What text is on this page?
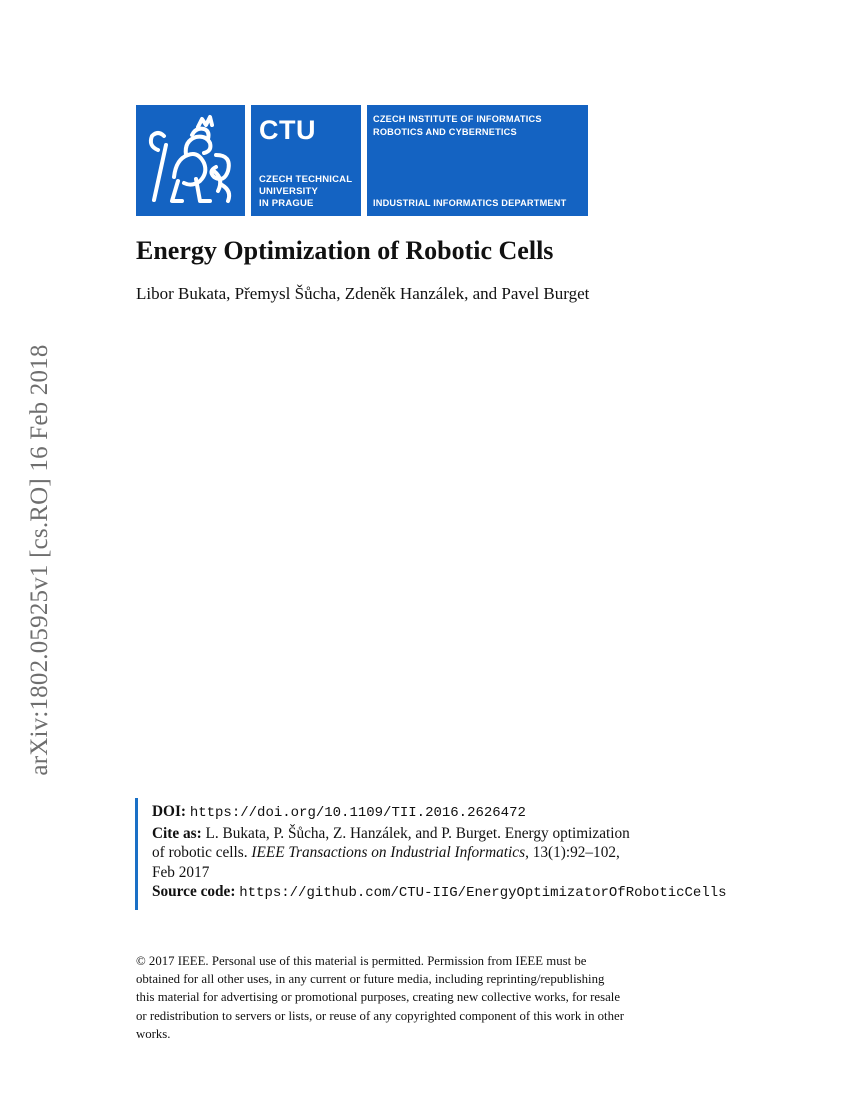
arXiv:1802.05925v1 [cs.RO] 16 Feb 2018
CTU
CZECH TECHNICAL
UNIVERSITY
IN PRAGUE
CZECH INSTITUTE OF INFORMATICS
ROBOTICS AND CYBERNETICS
INDUSTRIAL INFORMATICS DEPARTMENT
Energy Optimization of Robotic Cells
Libor Bukata, Přemysl Šůcha, Zdeněk Hanzálek, and Pavel Burget
DOI: https://doi.org/10.1109/TII.2016.2626472
Cite as: L. Bukata, P. Šůcha, Z. Hanzálek, and P. Burget. Energy optimization
of robotic cells. IEEE Transactions on Industrial Informatics, 13(1):92–102,
Feb 2017
Source code: https://github.com/CTU-IIG/EnergyOptimizatorOfRoboticCells
© 2017 IEEE. Personal use of this material is permitted. Permission from IEEE must be
obtained for all other uses, in any current or future media, including reprinting/republishing
this material for advertising or promotional purposes, creating new collective works, for resale
or redistribution to servers or lists, or reuse of any copyrighted component of this work in other
works.
